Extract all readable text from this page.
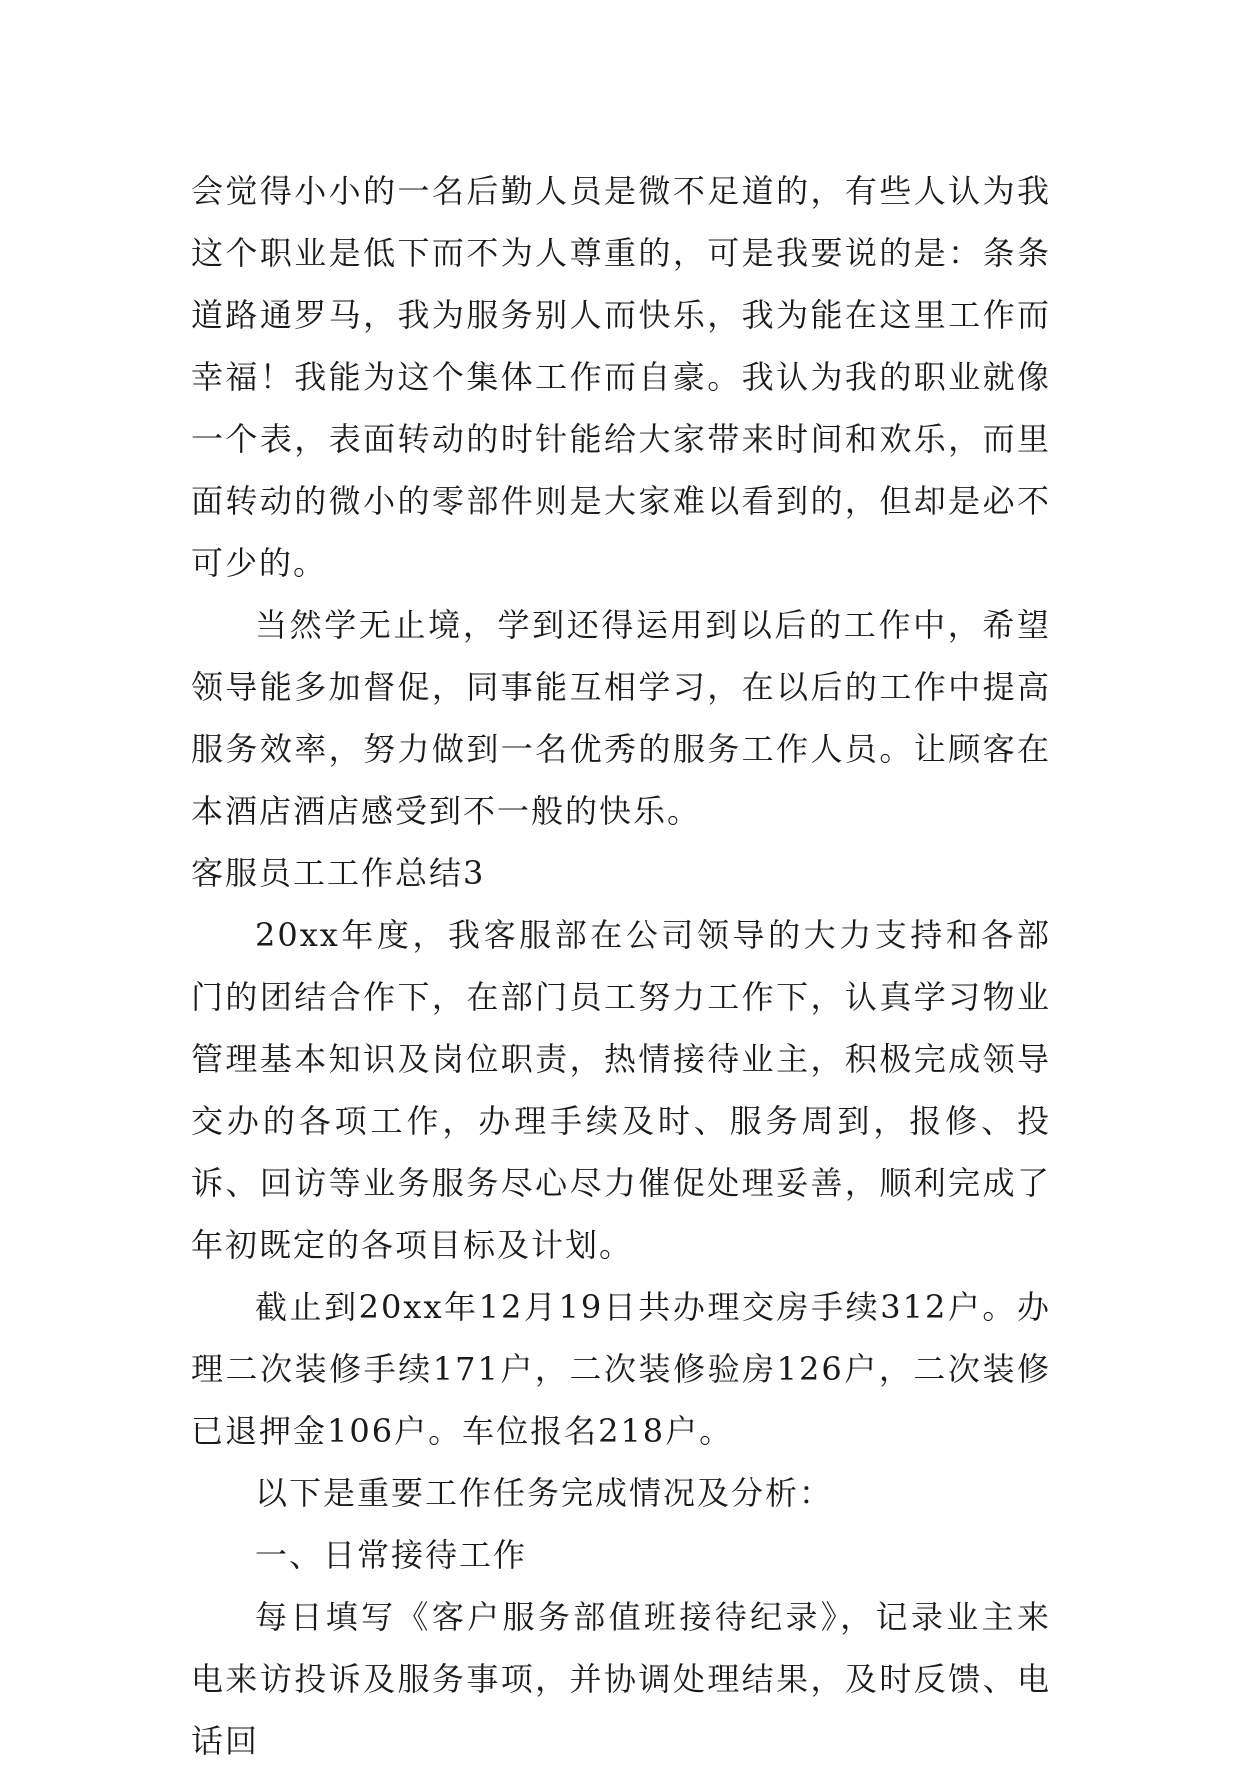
会觉得小小的一名后勤人员是微不足道的，有些人认为我这个职业是低下而不为人尊重的，可是我要说的是：条条道路通罗马，我为服务别人而快乐，我为能在这里工作而幸福！我能为这个集体工作而自豪。我认为我的职业就像一个表，表面转动的时针能给大家带来时间和欢乐，而里面转动的微小的零部件则是大家难以看到的，但却是必不可少的。

当然学无止境，学到还得运用到以后的工作中，希望领导能多加督促，同事能互相学习，在以后的工作中提高服务效率，努力做到一名优秀的服务工作人员。让顾客在本酒店酒店感受到不一般的快乐。

客服员工工作总结3

20xx年度，我客服部在公司领导的大力支持和各部门的团结合作下，在部门员工努力工作下，认真学习物业管理基本知识及岗位职责，热情接待业主，积极完成领导交办的各项工作，办理手续及时、服务周到，报修、投诉、回访等业务服务尽心尽力催促处理妥善，顺利完成了年初既定的各项目标及计划。

截止到20xx年12月19日共办理交房手续312户。办理二次装修手续171户，二次装修验房126户，二次装修已退押金106户。车位报名218户。

以下是重要工作任务完成情况及分析：

一、日常接待工作

每日填写《客户服务部值班接待纪录》，记录业主来电来访投诉及服务事项，并协调处理结果，及时反馈、电话回
